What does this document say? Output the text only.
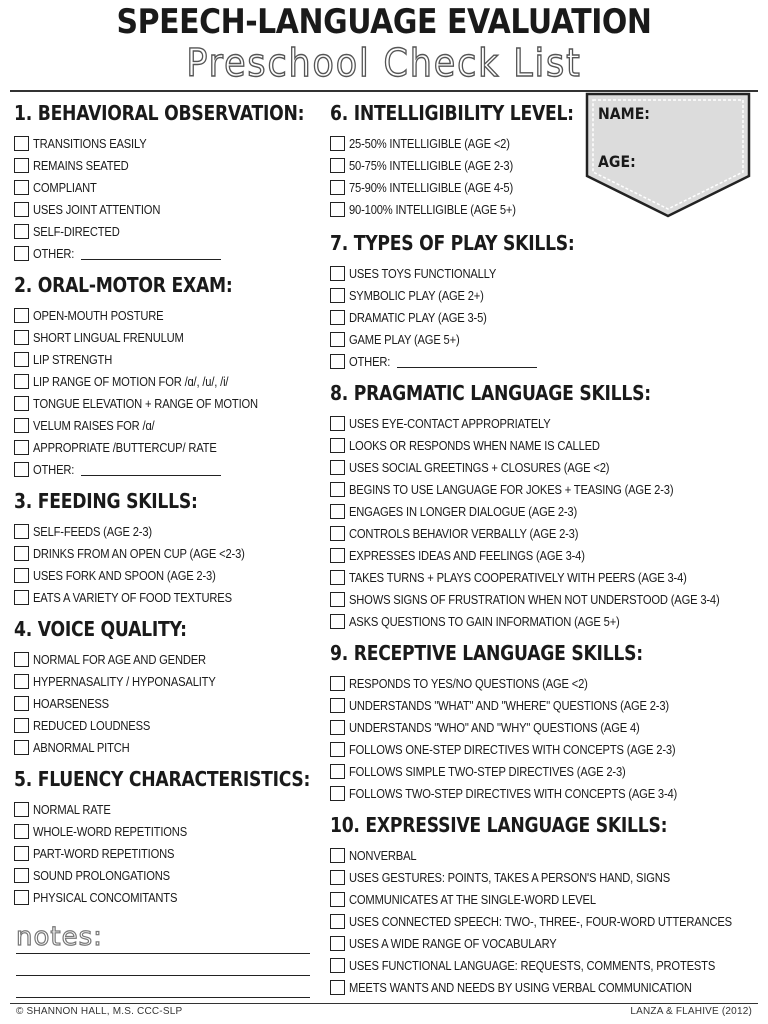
SPEECH-LANGUAGE EVALUATION
Preschool Check List
1. BEHAVIORAL OBSERVATION:
TRANSITIONS EASILY
REMAINS SEATED
COMPLIANT
USES JOINT ATTENTION
SELF-DIRECTED
OTHER:
2. ORAL-MOTOR EXAM:
OPEN-MOUTH POSTURE
SHORT LINGUAL FRENULUM
LIP STRENGTH
LIP RANGE OF MOTION FOR /ɑ/, /u/, /i/
TONGUE ELEVATION + RANGE OF MOTION
VELUM RAISES FOR /ɑ/
APPROPRIATE /BUTTERCUP/ RATE
OTHER:
3. FEEDING SKILLS:
SELF-FEEDS (AGE 2-3)
DRINKS FROM AN OPEN CUP (AGE <2-3)
USES FORK AND SPOON (AGE 2-3)
EATS A VARIETY OF FOOD TEXTURES
4. VOICE QUALITY:
NORMAL FOR AGE AND GENDER
HYPERNASALITY / HYPONASALITY
HOARSENESS
REDUCED LOUDNESS
ABNORMAL PITCH
5. FLUENCY CHARACTERISTICS:
NORMAL RATE
WHOLE-WORD REPETITIONS
PART-WORD REPETITIONS
SOUND PROLONGATIONS
PHYSICAL CONCOMITANTS
6. INTELLIGIBILITY LEVEL:
25-50% INTELLIGIBLE (AGE <2)
50-75% INTELLIGIBLE (AGE 2-3)
75-90% INTELLIGIBLE (AGE 4-5)
90-100% INTELLIGIBLE (AGE 5+)
7. TYPES OF PLAY SKILLS:
USES TOYS FUNCTIONALLY
SYMBOLIC PLAY (AGE 2+)
DRAMATIC PLAY (AGE 3-5)
GAME PLAY (AGE 5+)
OTHER:
8. PRAGMATIC LANGUAGE SKILLS:
USES EYE-CONTACT APPROPRIATELY
LOOKS OR RESPONDS WHEN NAME IS CALLED
USES SOCIAL GREETINGS + CLOSURES (AGE <2)
BEGINS TO USE LANGUAGE FOR JOKES + TEASING (AGE 2-3)
ENGAGES IN LONGER DIALOGUE (AGE 2-3)
CONTROLS BEHAVIOR VERBALLY (AGE 2-3)
EXPRESSES IDEAS AND FEELINGS (AGE 3-4)
TAKES TURNS + PLAYS COOPERATIVELY WITH PEERS (AGE 3-4)
SHOWS SIGNS OF FRUSTRATION WHEN NOT UNDERSTOOD (AGE 3-4)
ASKS QUESTIONS TO GAIN INFORMATION (AGE 5+)
9. RECEPTIVE LANGUAGE SKILLS:
RESPONDS TO YES/NO QUESTIONS (AGE <2)
UNDERSTANDS "WHAT" AND "WHERE" QUESTIONS (AGE 2-3)
UNDERSTANDS "WHO" AND "WHY" QUESTIONS (AGE 4)
FOLLOWS ONE-STEP DIRECTIVES WITH CONCEPTS (AGE 2-3)
FOLLOWS SIMPLE TWO-STEP DIRECTIVES (AGE 2-3)
FOLLOWS TWO-STEP DIRECTIVES WITH CONCEPTS (AGE 3-4)
10. EXPRESSIVE LANGUAGE SKILLS:
NONVERBAL
USES GESTURES: POINTS, TAKES A PERSON'S HAND, SIGNS
COMMUNICATES AT THE SINGLE-WORD LEVEL
USES CONNECTED SPEECH: TWO-, THREE-, FOUR-WORD UTTERANCES
USES A WIDE RANGE OF VOCABULARY
USES FUNCTIONAL LANGUAGE: REQUESTS, COMMENTS, PROTESTS
MEETS WANTS AND NEEDS BY USING VERBAL COMMUNICATION
NAME:
AGE:
notes:
© SHANNON HALL, M.S. CCC-SLP	LANZA & FLAHIVE (2012)
